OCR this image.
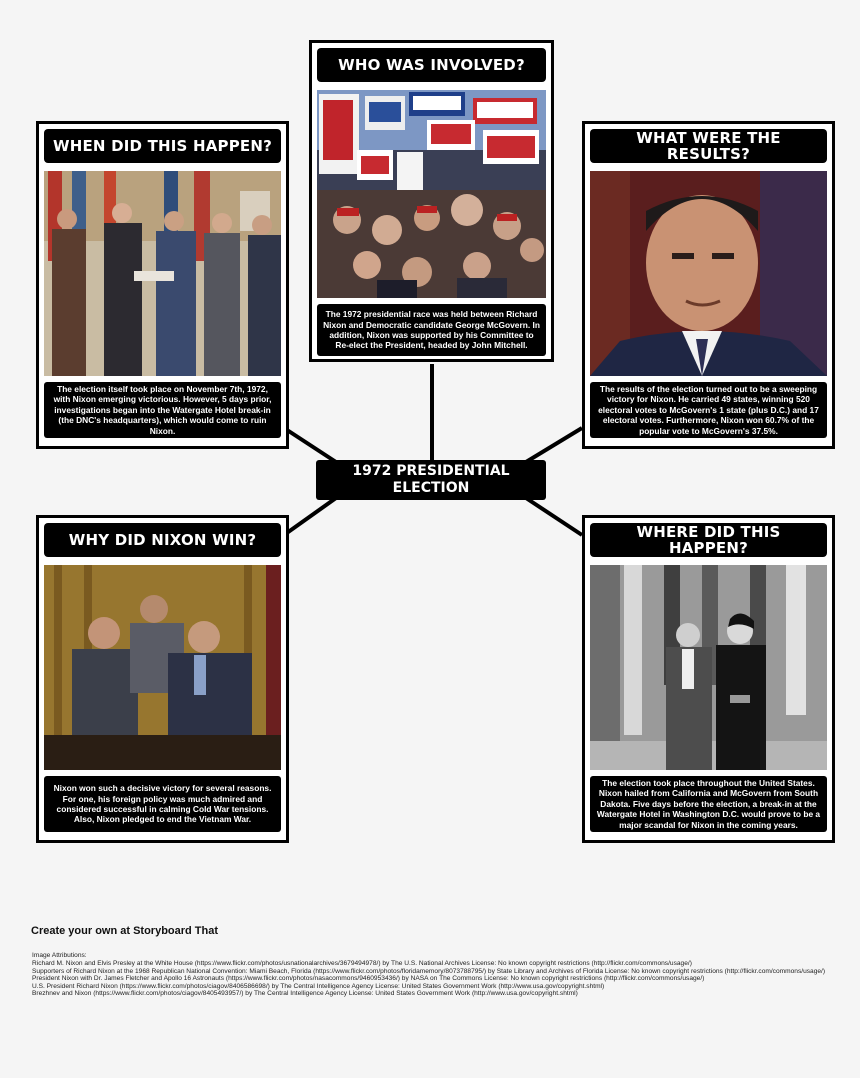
WHO WAS INVOLVED?
The 1972 presidential race was held between Richard Nixon and Democratic candidate George McGovern. In addition, Nixon was supported by his Committee to Re-elect the President, headed by John Mitchell.
WHEN DID THIS HAPPEN?
The election itself took place on November 7th, 1972, with Nixon emerging victorious. However, 5 days prior, investigations began into the Watergate Hotel break-in (the DNC's headquarters), which would come to ruin Nixon.
WHAT WERE THE RESULTS?
The results of the election turned out to be a sweeping victory for Nixon. He carried 49 states, winning 520 electoral votes to McGovern's 1 state (plus D.C.) and 17 electoral votes. Furthermore, Nixon won 60.7% of the popular vote to McGovern's 37.5%.
WHY DID NIXON WIN?
Nixon won such a decisive victory for several reasons. For one, his foreign policy was much admired and considered successful in calming Cold War tensions. Also, Nixon pledged to end the Vietnam War.
WHERE DID THIS HAPPEN?
The election took place throughout the United States. Nixon hailed from California and McGovern from South Dakota. Five days before the election, a break-in at the Watergate Hotel in Washington D.C. would prove to be a major scandal for Nixon in the coming years.
1972 PRESIDENTIAL ELECTION
Create your own at Storyboard That
Image Attributions:
Richard M. Nixon and Elvis Presley at the White House (https://www.flickr.com/photos/usnationalarchives/3679494978/) by The U.S. National Archives License: No known copyright restrictions (http://flickr.com/commons/usage/)
Supporters of Richard Nixon at the 1968 Republican National Convention: Miami Beach, Florida (https://www.flickr.com/photos/floridamemory/8073788795/) by State Library and Archives of Florida License: No known copyright restrictions (http://flickr.com/commons/usage/)
President Nixon with Dr. James Fletcher and Apollo 16 Astronauts (https://www.flickr.com/photos/nasacommons/9460953436/) by NASA on The Commons License: No known copyright restrictions (http://flickr.com/commons/usage/)
U.S. President Richard Nixon (https://www.flickr.com/photos/ciagov/8406586698/) by The Central Intelligence Agency License: United States Government Work (http://www.usa.gov/copyright.shtml)
Brezhnev and Nixon (https://www.flickr.com/photos/ciagov/8405493957/) by The Central Intelligence Agency License: United States Government Work (http://www.usa.gov/copyright.shtml)
